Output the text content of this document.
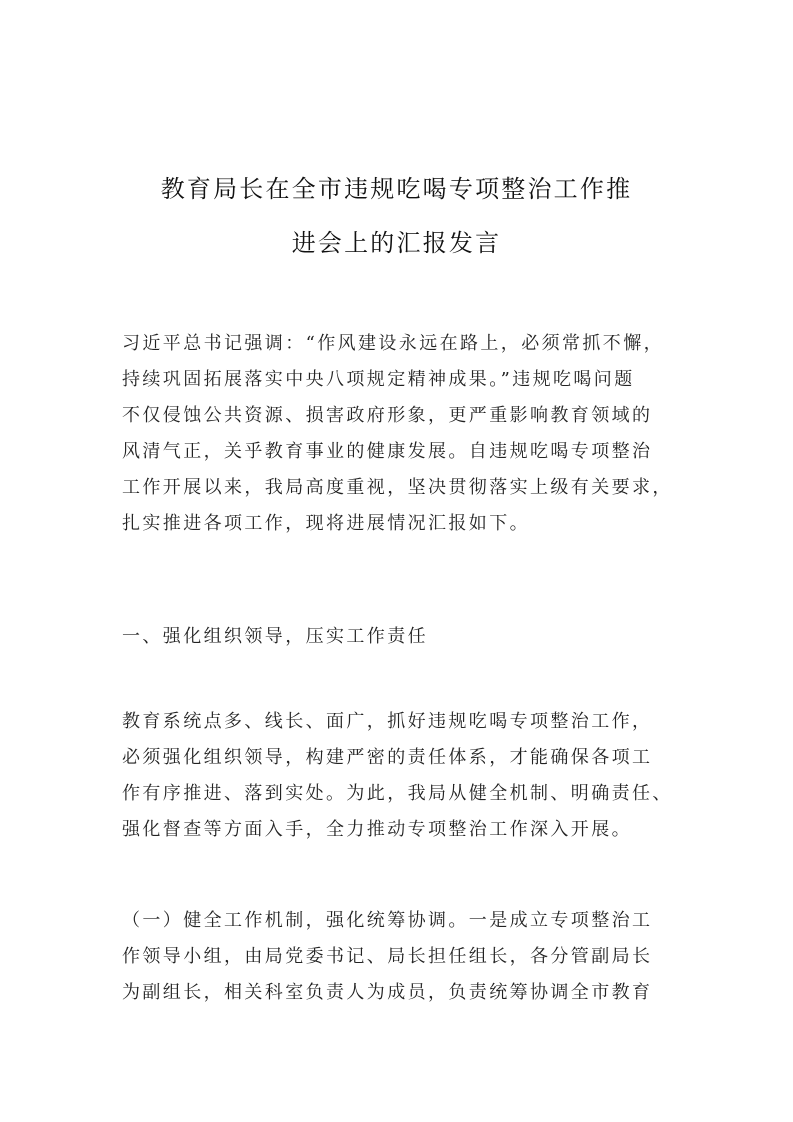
教育局长在全市违规吃喝专项整治工作推
进会上的汇报发言

习近平总书记强调：“作风建设永远在路上，必须常抓不懈，
持续巩固拓展落实中央八项规定精神成果。”违规吃喝问题
不仅侵蚀公共资源、损害政府形象，更严重影响教育领域的
风清气正，关乎教育事业的健康发展。自违规吃喝专项整治
工作开展以来，我局高度重视，坚决贯彻落实上级有关要求，
扎实推进各项工作，现将进展情况汇报如下。

一、强化组织领导，压实工作责任

教育系统点多、线长、面广，抓好违规吃喝专项整治工作，
必须强化组织领导，构建严密的责任体系，才能确保各项工
作有序推进、落到实处。为此，我局从健全机制、明确责任、
强化督查等方面入手，全力推动专项整治工作深入开展。

（一）健全工作机制，强化统筹协调。一是成立专项整治工
作领导小组，由局党委书记、局长担任组长，各分管副局长
为副组长，相关科室负责人为成员，负责统筹协调全市教育
